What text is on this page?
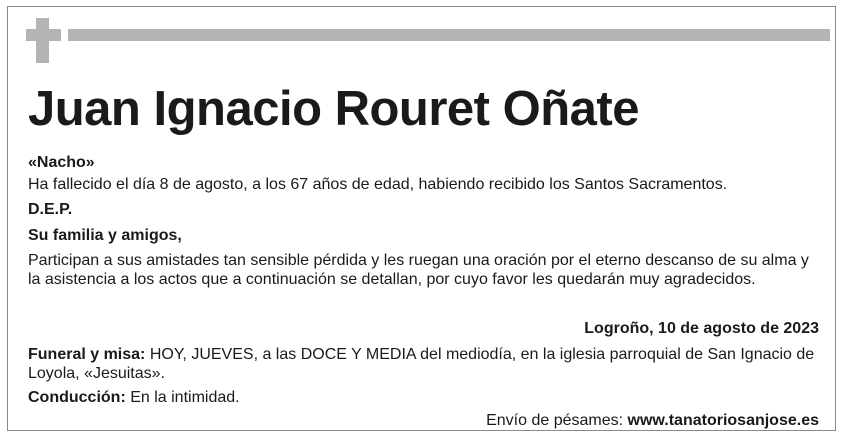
Juan Ignacio Rouret Oñate
«Nacho»
Ha fallecido el día 8 de agosto, a los 67 años de edad, habiendo recibido los Santos Sacramentos.
D.E.P.
Su familia y amigos,
Participan a sus amistades tan sensible pérdida y les ruegan una oración por el eterno descanso de su alma y la asistencia a los actos que a continuación se detallan, por cuyo favor les quedarán muy agradecidos.
Logroño, 10 de agosto de 2023
Funeral y misa: HOY, JUEVES, a las DOCE Y MEDIA del mediodía, en la iglesia parroquial de San Ignacio de Loyola, «Jesuitas».
Conducción: En la intimidad.
Envío de pésames: www.tanatoriosanjose.es
